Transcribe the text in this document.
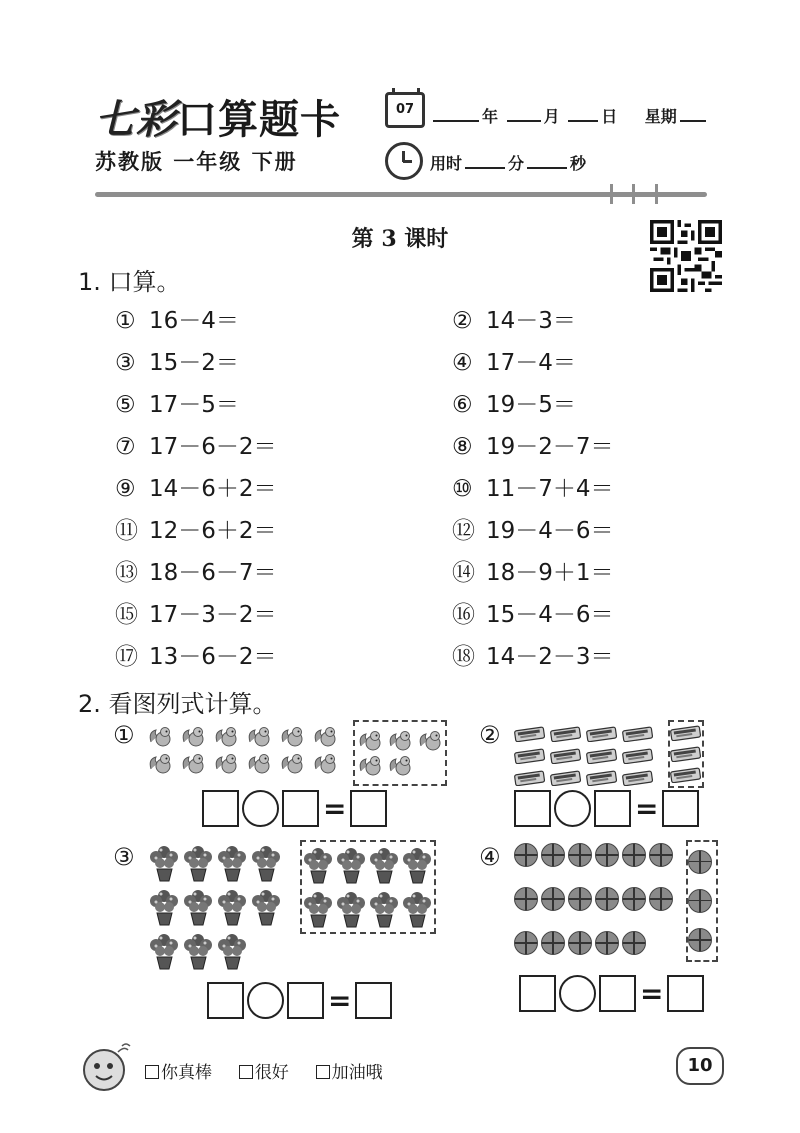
七彩口算题卡
苏教版 一年级 下册
07	年	月	日 星期
用时	分	秒
第 3 课时
1. 口算。
① 16－4＝	② 14－3＝
③ 15－2＝	④ 17－4＝
⑤ 17－5＝	⑥ 19－5＝
⑦ 17－6－2＝	⑧ 19－2－7＝
⑨ 14－6＋2＝	⑩ 11－7＋4＝
⑪ 12－6＋2＝	⑫ 19－4－6＝
⑬ 18－6－7＝	⑭ 18－9＋1＝
⑮ 17－3－2＝	⑯ 15－4－6＝
⑰ 13－6－2＝	⑱ 14－2－3＝
2. 看图列式计算。
①
=
②
=
③
=
④
=
你真棒	很好	加油哦	10
